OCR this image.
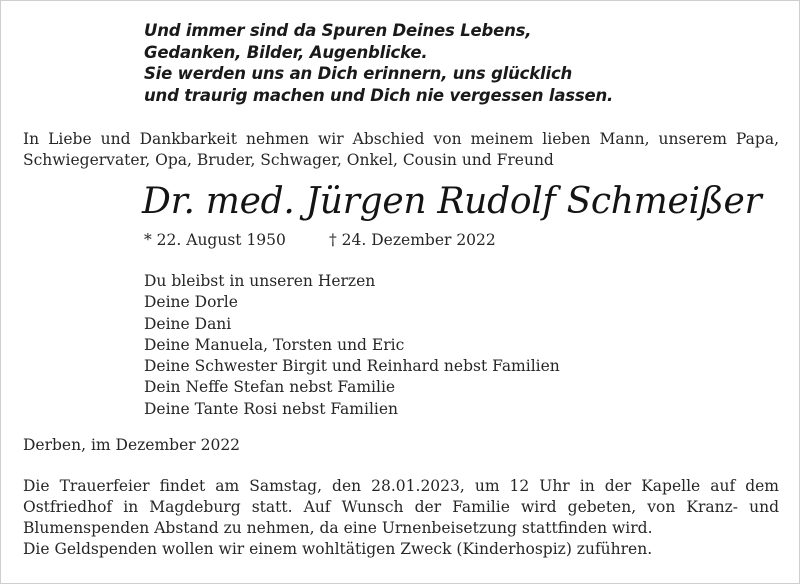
Und immer sind da Spuren Deines Lebens,
Gedanken, Bilder, Augenblicke.
Sie werden uns an Dich erinnern, uns glücklich
und traurig machen und Dich nie vergessen lassen.
In Liebe und Dankbarkeit nehmen wir Abschied von meinem lieben Mann, unserem Papa,
Schwiegervater, Opa, Bruder, Schwager, Onkel, Cousin und Freund
Dr. med. Jürgen Rudolf Schmeißer
* 22. August 1950	† 24. Dezember 2022
Du bleibst in unseren Herzen
Deine Dorle
Deine Dani
Deine Manuela, Torsten und Eric
Deine Schwester Birgit und Reinhard nebst Familien
Dein Neffe Stefan nebst Familie
Deine Tante Rosi nebst Familien
Derben, im Dezember 2022
Die Trauerfeier findet am Samstag, den 28.01.2023, um 12 Uhr in der Kapelle auf dem
Ostfriedhof in Magdeburg statt. Auf Wunsch der Familie wird gebeten, von Kranz- und
Blumenspenden Abstand zu nehmen, da eine Urnenbeisetzung stattfinden wird.
Die Geldspenden wollen wir einem wohltätigen Zweck (Kinderhospiz) zuführen.
